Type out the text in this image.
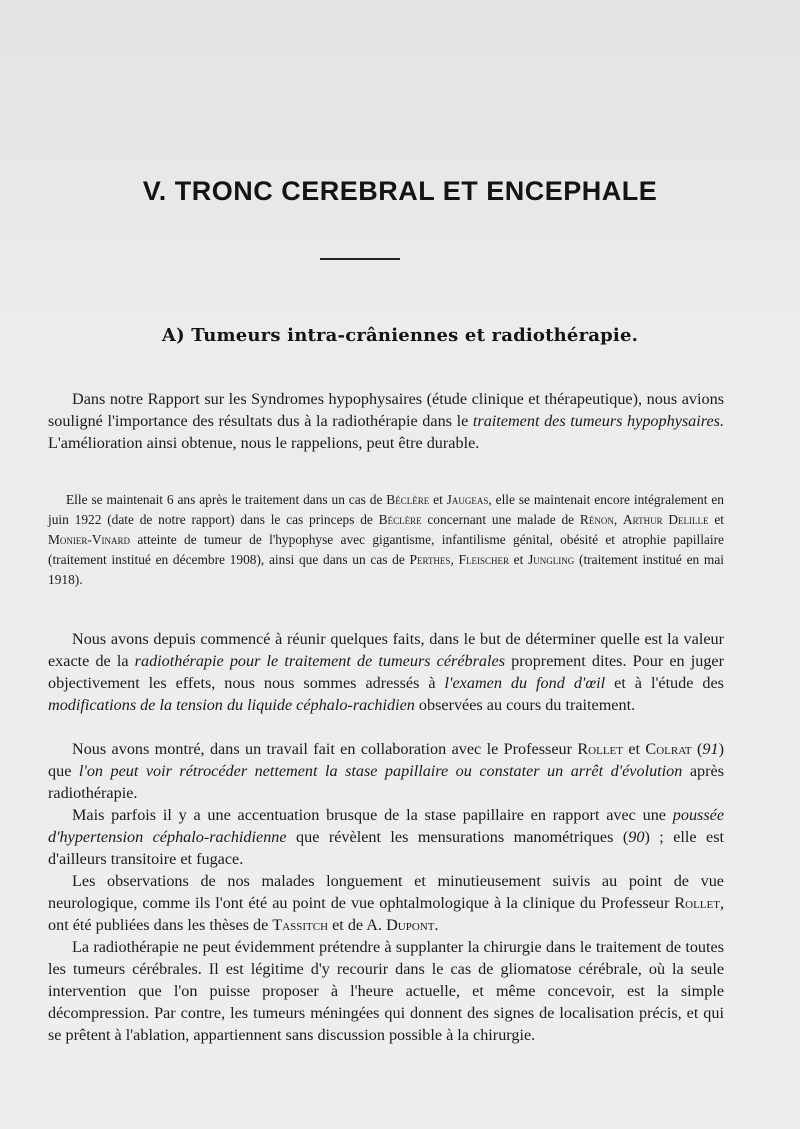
V. TRONC CEREBRAL ET ENCEPHALE
A) Tumeurs intra-crâniennes et radiothérapie.

Dans notre Rapport sur les Syndromes hypophysaires (étude clinique et thérapeutique), nous avions souligné l'importance des résultats dus à la radiothérapie dans le traitement des tumeurs hypophysaires. L'amélioration ainsi obtenue, nous le rappelions, peut être durable.

Elle se maintenait 6 ans après le traitement dans un cas de Béclère et Jaugeas, elle se maintenait encore intégralement en juin 1922 (date de notre rapport) dans le cas princeps de Béclère concernant une malade de Rénon, Arthur Delille et Monier-Vinard atteinte de tumeur de l'hypophyse avec gigantisme, infantilisme génital, obésité et atrophie papillaire (traitement institué en décembre 1908), ainsi que dans un cas de Perthes, Fleischer et Jungling (traitement institué en mai 1918).

Nous avons depuis commencé à réunir quelques faits, dans le but de déterminer quelle est la valeur exacte de la radiothérapie pour le traitement de tumeurs cérébrales proprement dites. Pour en juger objectivement les effets, nous nous sommes adressés à l'examen du fond d'œil et à l'étude des modifications de la tension du liquide céphalo-rachidien observées au cours du traitement.

Nous avons montré, dans un travail fait en collaboration avec le Professeur Rollet et Colrat (91) que l'on peut voir rétrocéder nettement la stase papillaire ou constater un arrêt d'évolution après radiothérapie.

Mais parfois il y a une accentuation brusque de la stase papillaire en rapport avec une poussée d'hypertension céphalo-rachidienne que révèlent les mensurations manométriques (90) ; elle est d'ailleurs transitoire et fugace.

Les observations de nos malades longuement et minutieusement suivis au point de vue neurologique, comme ils l'ont été au point de vue ophtalmologique à la clinique du Professeur Rollet, ont été publiées dans les thèses de Tassitch et de A. Dupont.

La radiothérapie ne peut évidemment prétendre à supplanter la chirurgie dans le traitement de toutes les tumeurs cérébrales. Il est légitime d'y recourir dans le cas de gliomatose cérébrale, où la seule intervention que l'on puisse proposer à l'heure actuelle, et même concevoir, est la simple décompression. Par contre, les tumeurs méningées qui donnent des signes de localisation précis, et qui se prêtent à l'ablation, appartiennent sans discussion possible à la chirurgie.
